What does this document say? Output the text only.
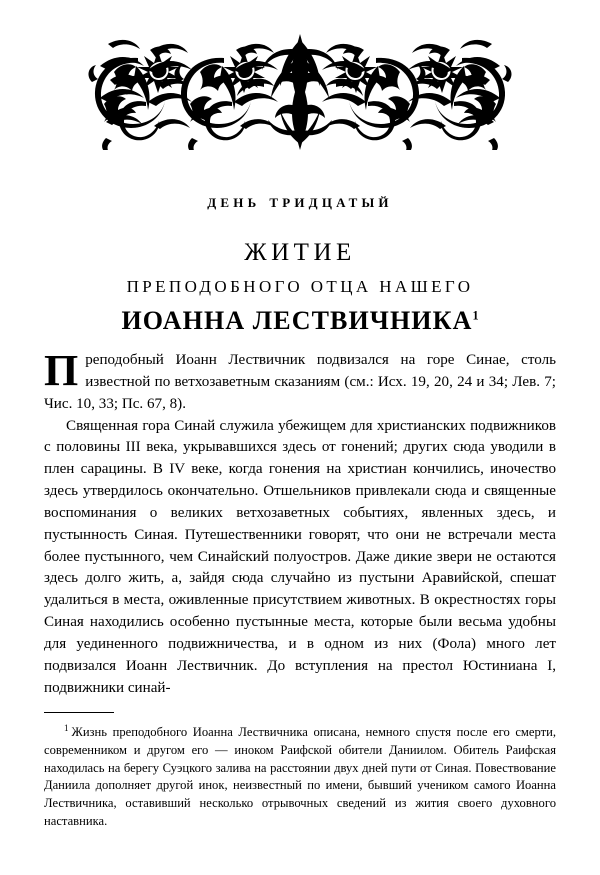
день тридцатый
ЖИТИЕ
ПРЕПОДОБНОГО ОТЦА НАШЕГО
ИОАННА ЛЕСТВИЧНИКА$^1$

Преподобный Иоанн Лествичник подвизался на горе Синае, столь известной по ветхозаветным сказаниям (см.: Исх. 19, 20, 24 и 34; Лев. 7; Чис. 10, 33; Пс. 67, 8).

Священная гора Синай служила убежищем для христианских подвижников с половины III века, укрывавшихся здесь от гонений; других сюда уводили в плен сарацины. В IV веке, когда гонения на христиан кончились, иночество здесь утвердилось окончательно. Отшельников привлекали сюда и священные воспоминания о великих ветхозаветных событиях, явленных здесь, и пустынность Синая. Путешественники говорят, что они не встречали места более пустынного, чем Синайский полуостров. Даже дикие звери не остаются здесь долго жить, а, зайдя сюда случайно из пустыни Аравийской, спешат удалиться в места, оживленные присутствием животных. В окрестностях горы Синая находились особенно пустынные места, которые были весьма удобны для уединенного подвижничества, и в одном из них (Фола) много лет подвизался Иоанн Лествичник. До вступления на престол Юстиниана I, подвижники синай-

$^1$ Жизнь преподобного Иоанна Лествичника описана, немного спустя после его смерти, современником и другом его — иноком Раифской обители Даниилом. Обитель Раифская находилась на берегу Суэцкого залива на расстоянии двух дней пути от Синая. Повествование Даниила дополняет другой инок, неизвестный по имени, бывший учеником самого Иоанна Лествичника, оставивший несколько отрывочных сведений из жития своего духовного наставника.
